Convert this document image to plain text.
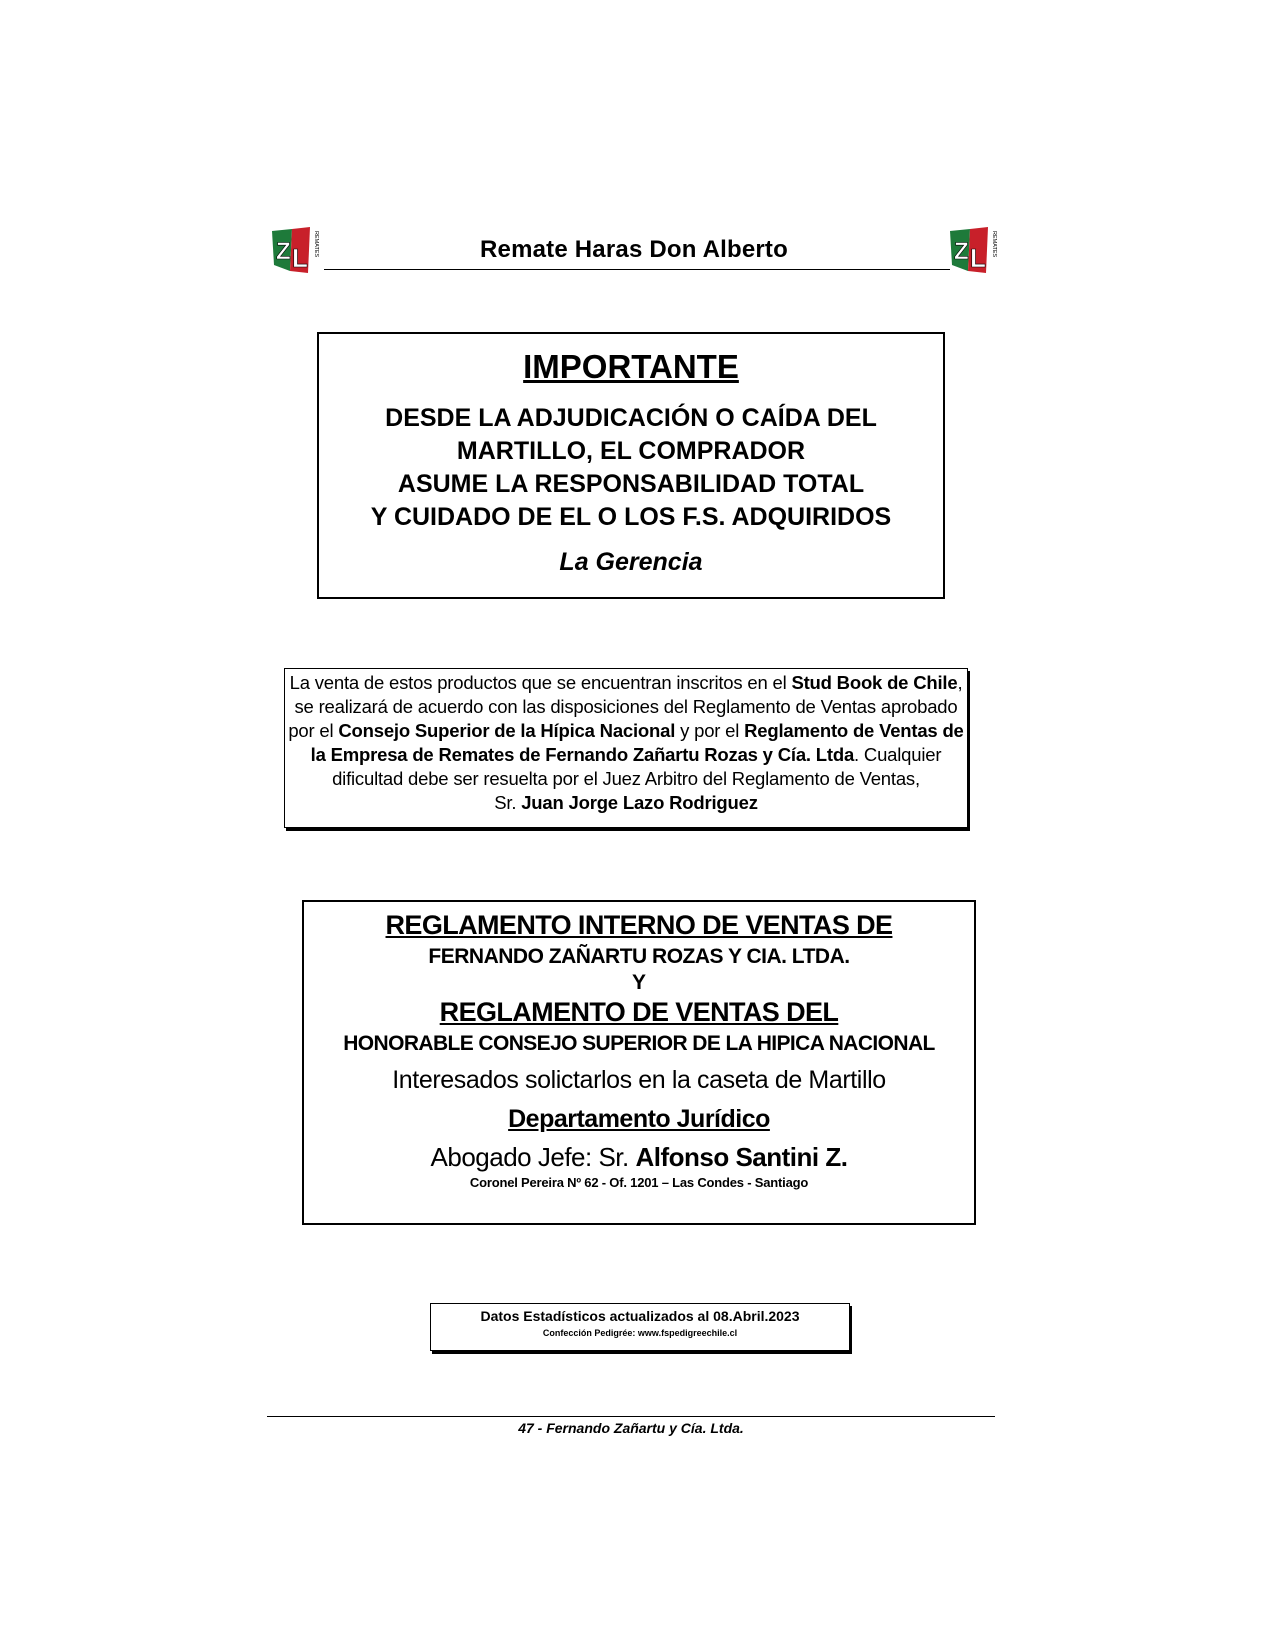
Z L REMATES	Remate Haras Don Alberto	Z L REMATES
IMPORTANTE
DESDE LA ADJUDICACIÓN O CAÍDA DEL
MARTILLO, EL COMPRADOR
ASUME LA RESPONSABILIDAD TOTAL
Y CUIDADO DE EL O LOS F.S. ADQUIRIDOS
La Gerencia
La venta de estos productos que se encuentran inscritos en el Stud Book de Chile, se realizará de acuerdo con las disposiciones del Reglamento de Ventas aprobado por el Consejo Superior de la Hípica Nacional y por el Reglamento de Ventas de la Empresa de Remates de Fernando Zañartu Rozas y Cía. Ltda. Cualquier dificultad debe ser resuelta por el Juez Arbitro del Reglamento de Ventas,
Sr. Juan Jorge Lazo Rodriguez
REGLAMENTO INTERNO DE VENTAS DE
FERNANDO ZAÑARTU ROZAS Y CIA. LTDA.
Y
REGLAMENTO DE VENTAS DEL
HONORABLE CONSEJO SUPERIOR DE LA HIPICA NACIONAL
Interesados solictarlos en la caseta de Martillo
Departamento Jurídico
Abogado Jefe: Sr. Alfonso Santini Z.
Coronel Pereira Nº 62 - Of. 1201 – Las Condes - Santiago
Datos Estadísticos actualizados al 08.Abril.2023
Confección Pedigrée: www.fspedigreechile.cl
47 - Fernando Zañartu y Cía. Ltda.
